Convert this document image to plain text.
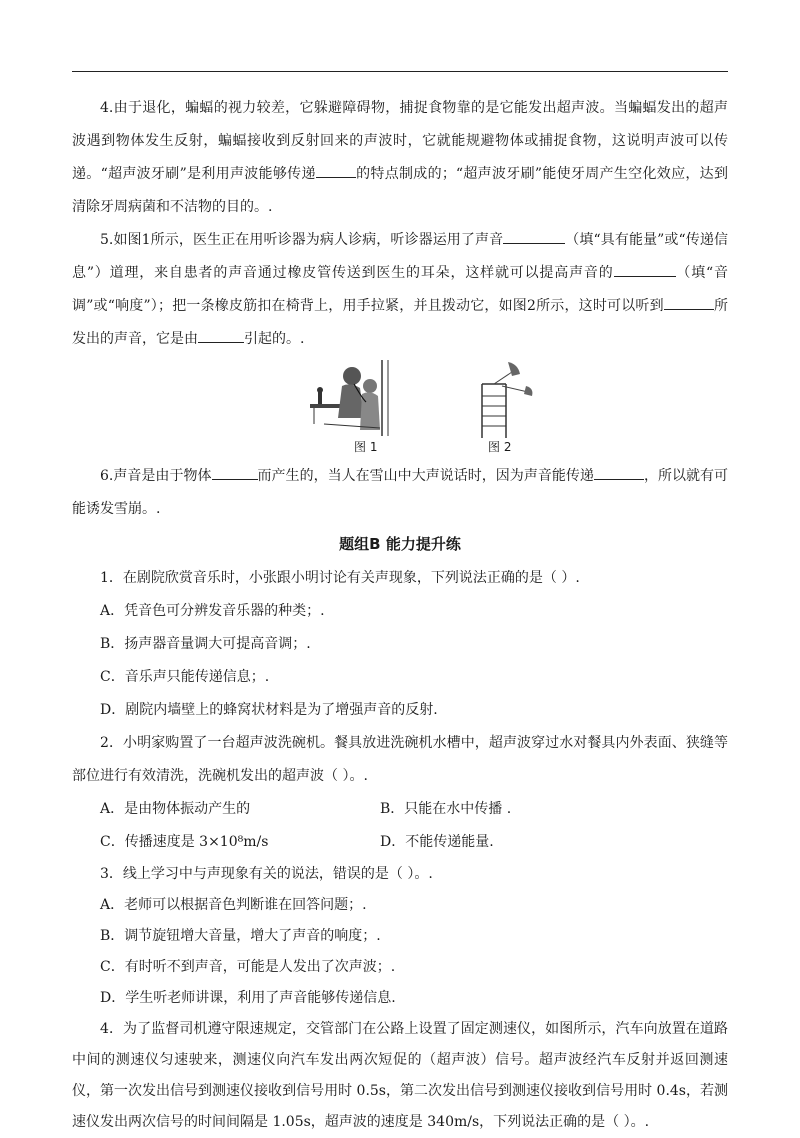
4.由于退化，蝙蝠的视力较差，它躲避障碍物，捕捉食物靠的是它能发出超声波。当蝙蝠发出的超声波遇到物体发生反射，蝙蝠接收到反射回来的声波时，它就能规避物体或捕捉食物，这说明声波可以传递。“超声波牙刷”是利用声波能够传递	的特点制成的；“超声波牙刷”能使牙周产生空化效应，达到清除牙周病菌和不洁物的目的。.

5.如图1所示，医生正在用听诊器为病人诊病，听诊器运用了声音	（填“具有能量”或“传递信息”）道理，来自患者的声音通过橡皮管传送到医生的耳朵，这样就可以提高声音的	（填“音调”或“响度”）；把一条橡皮筋扣在椅背上，用手拉紧，并且拨动它，如图2所示，这时可以听到	所发出的声音，它是由	引起的。.

图 1	图 2

6.声音是由于物体	而产生的，当人在雪山中大声说话时，因为声音能传递	，所以就有可能诱发雪崩。.

题组B 能力提升练

1．在剧院欣赏音乐时，小张跟小明讨论有关声现象，下列说法正确的是（ ）.

A．凭音色可分辨发音乐器的种类；.

B．扬声器音量调大可提高音调；.

C．音乐声只能传递信息；.

D．剧院内墙壁上的蜂窝状材料是为了增强声音的反射.

2．小明家购置了一台超声波洗碗机。餐具放进洗碗机水槽中，超声波穿过水对餐具内外表面、狭缝等部位进行有效清洗，洗碗机发出的超声波（ ）。.

A．是由物体振动产生的	B．只能在水中传播 .
C．传播速度是 3×10⁸m/s	D．不能传递能量.

3．线上学习中与声现象有关的说法，错误的是（ ）。.

A．老师可以根据音色判断谁在回答问题；.

B．调节旋钮增大音量，增大了声音的响度；.

C．有时听不到声音，可能是人发出了次声波；.

D．学生听老师讲课，利用了声音能够传递信息.

4．为了监督司机遵守限速规定，交管部门在公路上设置了固定测速仪，如图所示，汽车向放置在道路中间的测速仪匀速驶来，测速仪向汽车发出两次短促的（超声波）信号。超声波经汽车反射并返回测速仪，第一次发出信号到测速仪接收到信号用时 0.5s，第二次发出信号到测速仪接收到信号用时 0.4s，若测速仪发出两次信号的时间间隔是 1.05s，超声波的速度是 340m/s，下列说法正确的是（ ）。.
